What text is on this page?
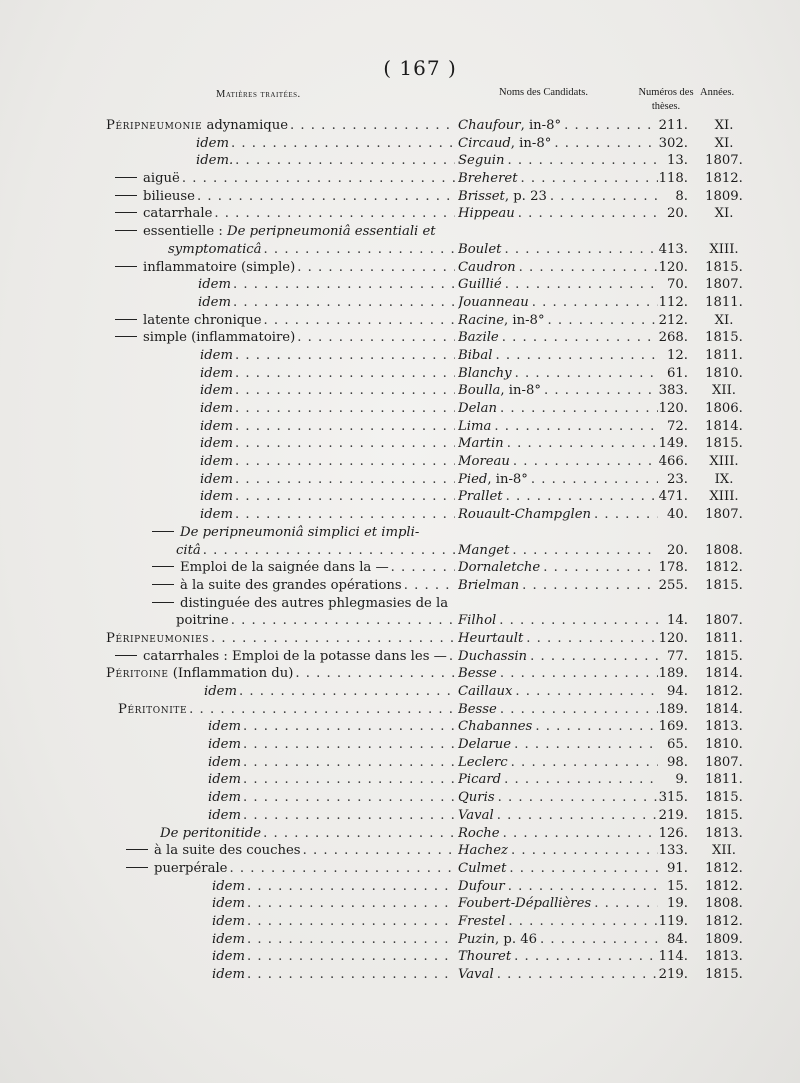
( 167 )
Matières traitées.	Noms des Candidats.	Numéros des thèses.
Années.
Péripneumonie adynamique . . .	Chaufour, in-8° . . .	211.	XI.
idem . . .	Circaud, in-8° . . .	302.	XI.
idem. . . .	Seguin . . .	13. 1807.
aiguë . . .	Breheret . . .	118. 1812.
bilieuse . . .	Brisset, p. 23 . . .	8. 1809.
catarrhale . . .	Hippeau . . .	20.	XI.
essentielle : De peripneumoniâ essentiali et
symptomaticâ . . .	Boulet . . .	413.	XIII.
inflammatoire (simple) . . .	Caudron . . .	120. 1815.
idem . . .	Guillié . . .	70. 1807.
idem . . .	Jouanneau . . .	112. 1811.
latente chronique . . .	Racine, in-8° . . .	212.	XI.
simple (inflammatoire) . . .	Bazile . . .	268. 1815.
idem . . .	Bibal . . .	12. 1811.
idem . . .	Blanchy . . .	61. 1810.
idem . . .	Boulla, in-8° . . .	383.	XII.
idem . . .	Delan . . .	120. 1806.
idem . . .	Lima . . .	72. 1814.
idem . . .	Martin . . .	149. 1815.
idem . . .	Moreau . . .	466.	XIII.
idem . . .	Pied, in-8° . . .	23.	IX.
idem . . .	Prallet . . .	471.	XIII.
idem . . .	Rouault-Champglen . . .	40. 1807.
De peripneumoniâ simplici et impli-
citâ . . .	Manget . . .	20. 1808.
Emploi de la saignée dans la — . . .	Dornaletche . . .	178. 1812.
à la suite des grandes opérations . . .	Brielman . . .	255. 1815.
distinguée des autres phlegmasies de la
poitrine . . .	Filhol . . .	14. 1807.
Péripneumonies . . .	Heurtault . . .	120. 1811.
catarrhales : Emploi de la potasse dans les — . . . Duchassin . . .	77. 1815.
Péritoine (Inflammation du) . . .	Besse . . .	189. 1814.
idem . . .	Caillaux . . .	94. 1812.
Péritonite . . .	Besse . . .	189. 1814.
idem . . .	Chabannes . . .	169. 1813.
idem . . .	Delarue . . .	65. 1810.
idem . . .	Leclerc . . .	98. 1807.
idem . . .	Picard . . .	9. 1811.
idem . . .	Quris . . .	315. 1815.
idem . . .	Vaval . . .	219. 1815.
De peritonitide . . .	Roche . . .	126. 1813.
à la suite des couches . . .	Hachez . . .	133.	XII.
puerpérale . . .	Culmet . . .	91. 1812.
idem . . .	Dufour . . .	15. 1812.
idem . . .	Foubert-Dépallières . . .	19. 1808.
idem . . .	Frestel . . .	119. 1812.
idem . . .	Puzin, p. 46 . . .	84. 1809.
idem . . .	Thouret . . .	114. 1813.
idem . . .	Vaval . . .	219. 1815.
